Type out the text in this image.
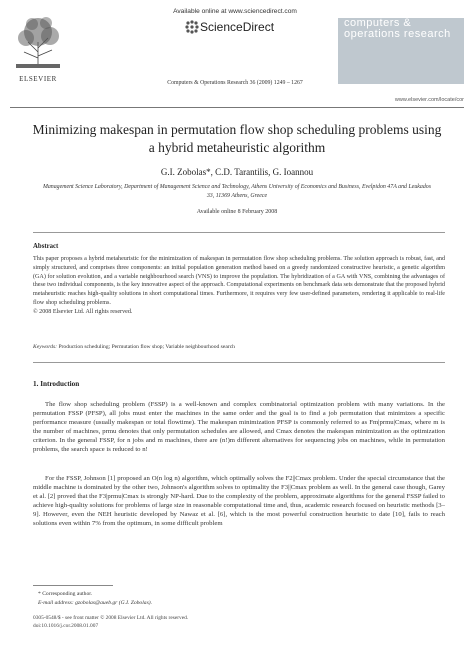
ELSEVIER
Available online at www.sciencedirect.com
ScienceDirect
Computers & Operations Research 36 (2009) 1249 – 1267
computers & operations research
www.elsevier.com/locate/cor
Minimizing makespan in permutation flow shop scheduling problems using a hybrid metaheuristic algorithm
G.I. Zobolas*, C.D. Tarantilis, G. Ioannou
Management Science Laboratory, Department of Management Science and Technology, Athens University of Economics and Business, Evelpidon 47A and Leukados 33, 11369 Athens, Greece
Available online 8 February 2008
Abstract
This paper proposes a hybrid metaheuristic for the minimization of makespan in permutation flow shop scheduling problems. The solution approach is robust, fast, and simply structured, and comprises three components: an initial population generation method based on a greedy randomized constructive heuristic, a genetic algorithm (GA) for solution evolution, and a variable neighbourhood search (VNS) to improve the population. The hybridization of a GA with VNS, combining the advantages of these two individual components, is the key innovative aspect of the approach. Computational experiments on benchmark data sets demonstrate that the proposed hybrid metaheuristic reaches high-quality solutions in short computational times. Furthermore, it requires very few user-defined parameters, rendering it applicable to real-life flow shop scheduling problems.
© 2008 Elsevier Ltd. All rights reserved.
Keywords: Production scheduling; Permutation flow shop; Variable neighbourhood search
1. Introduction
The flow shop scheduling problem (FSSP) is a well-known and complex combinatorial optimization problem with many variations. In the permutation FSSP (PFSP), all jobs must enter the machines in the same order and the goal is to find a job permutation that minimizes a specific performance measure (usually makespan or total flowtime). The makespan minimization PFSP is commonly referred to as Fm|prmu|Cmax, where m is the number of machines, prmu denotes that only permutation schedules are allowed, and Cmax denotes the makespan minimization as the optimization criterion. In the general FSSP, for n jobs and m machines, there are (n!)m different alternatives for sequencing jobs on machines, while in permutation problems, the search space is reduced to n!
For the FSSP, Johnson [1] proposed an O(n log n) algorithm, which optimally solves the F2||Cmax problem. Under the special circumstance that the middle machine is dominated by the other two, Johnson's algorithm solves to optimality the F3||Cmax problem as well. In the general case though, Garey et al. [2] proved that the F3|prmu|Cmax is strongly NP-hard. Due to the complexity of the problem, approximate algorithms for the general FSSP failed to achieve high-quality solutions for problems of large size in reasonable computational time and, thus, academic research focused on heuristic methods [3–9]. However, even the NEH heuristic developed by Nawaz et al. [6], which is the most powerful construction heuristic to date [10], fails to reach solutions even within 7% from the optimum, in some difficult problem
* Corresponding author.
E-mail address: gzobolas@aueb.gr (G.I. Zobolas).
0305-0548/$ - see front matter © 2008 Elsevier Ltd. All rights reserved.
doi:10.1016/j.cor.2008.01.007
